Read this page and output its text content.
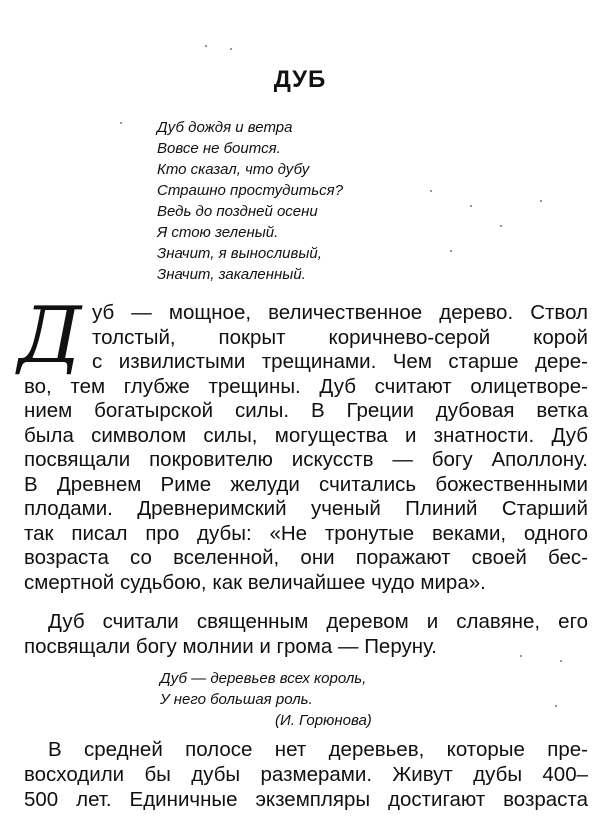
ДУБ
Дуб дождя и ветра
Вовсе не боится.
Кто сказал, что дубу
Страшно простудиться?
Ведь до поздней осени
Я стою зеленый.
Значит, я выносливый,
Значит, закаленный.
Д уб — мощное, величественное дерево. Ствол
толстый, покрыт коричнево-серой корой
с извилистыми трещинами. Чем старше дере-
во, тем глубже трещины. Дуб считают олицетворе-
нием богатырской силы. В Греции дубовая ветка
была символом силы, могущества и знатности. Дуб
посвящали покровителю искусств — богу Аполлону.
В Древнем Риме желуди считались божественными
плодами. Древнеримский ученый Плиний Старший
так писал про дубы: «Не тронутые веками, одного
возраста со вселенной, они поражают своей бес-
смертной судьбою, как величайшее чудо мира».
Дуб считали священным деревом и славяне, его
посвящали богу молнии и грома — Перуну.
Дуб — деревьев всех король,
У него большая роль.
(И. Горюнова)
В средней полосе нет деревьев, которые пре-
восходили бы дубы размерами. Живут дубы 400–
500 лет. Единичные экземпляры достигают возраста
